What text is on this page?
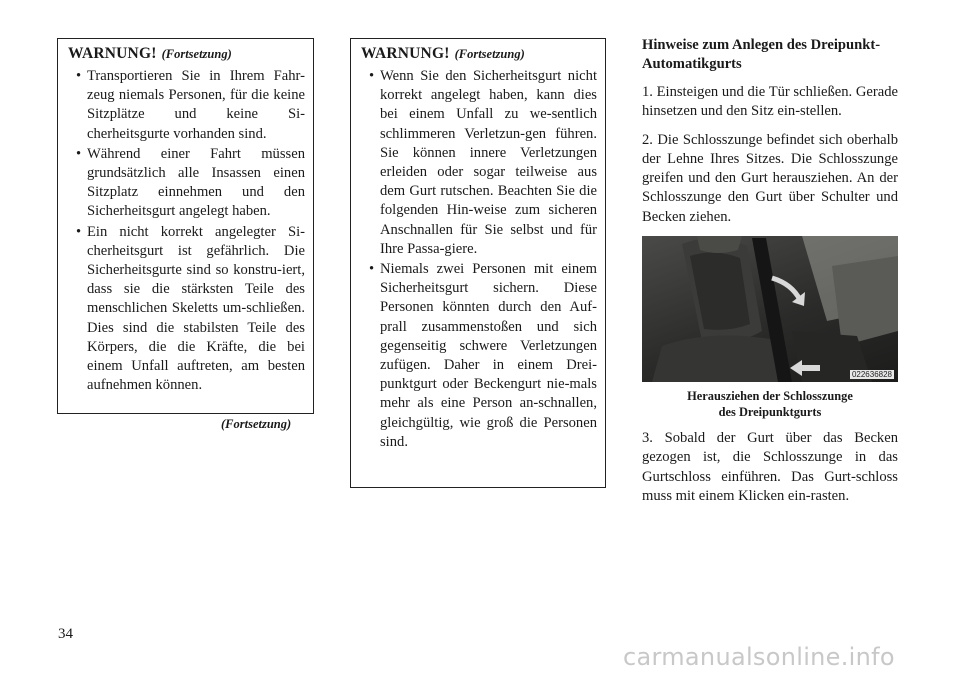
WARNUNG! (Fortsetzung)
• Transportieren Sie in Ihrem Fahr-zeug niemals Personen, für die keine Sitzplätze und keine Si-cherheitsgurte vorhanden sind.
• Während einer Fahrt müssen grundsätzlich alle Insassen einen Sitzplatz einnehmen und den Sicherheitsgurt angelegt haben.
• Ein nicht korrekt angelegter Si-cherheitsgurt ist gefährlich. Die Sicherheitsgurte sind so konstru-iert, dass sie die stärksten Teile des menschlichen Skeletts um-schließen. Dies sind die stabilsten Teile des Körpers, die die Kräfte, die bei einem Unfall auftreten, am besten aufnehmen können.
(Fortsetzung)
WARNUNG! (Fortsetzung)
• Wenn Sie den Sicherheitsgurt nicht korrekt angelegt haben, kann dies bei einem Unfall zu we-sentlich schlimmeren Verletzun-gen führen. Sie können innere Verletzungen erleiden oder sogar teilweise aus dem Gurt rutschen. Beachten Sie die folgenden Hin-weise zum sicheren Anschnallen für Sie selbst und für Ihre Passa-giere.
• Niemals zwei Personen mit einem Sicherheitsgurt sichern. Diese Personen könnten durch den Auf-prall zusammenstoßen und sich gegenseitig schwere Verletzungen zufügen. Daher in einem Drei-punktgurt oder Beckengurt nie-mals mehr als eine Person an-schnallen, gleichgültig, wie groß die Personen sind.
Hinweise zum Anlegen des Dreipunkt-Automatikgurts

1. Einsteigen und die Tür schließen. Gerade hinsetzen und den Sitz ein-stellen.

2. Die Schlosszunge befindet sich oberhalb der Lehne Ihres Sitzes. Die Schlosszunge greifen und den Gurt herausziehen. An der Schlosszunge den Gurt über Schulter und Becken ziehen.

022636828
Herausziehen der Schlosszunge
des Dreipunktgurts

3. Sobald der Gurt über das Becken gezogen ist, die Schlosszunge in das Gurtschloss einführen. Das Gurt-schloss muss mit einem Klicken ein-rasten.

34
carmanualsonline.info
